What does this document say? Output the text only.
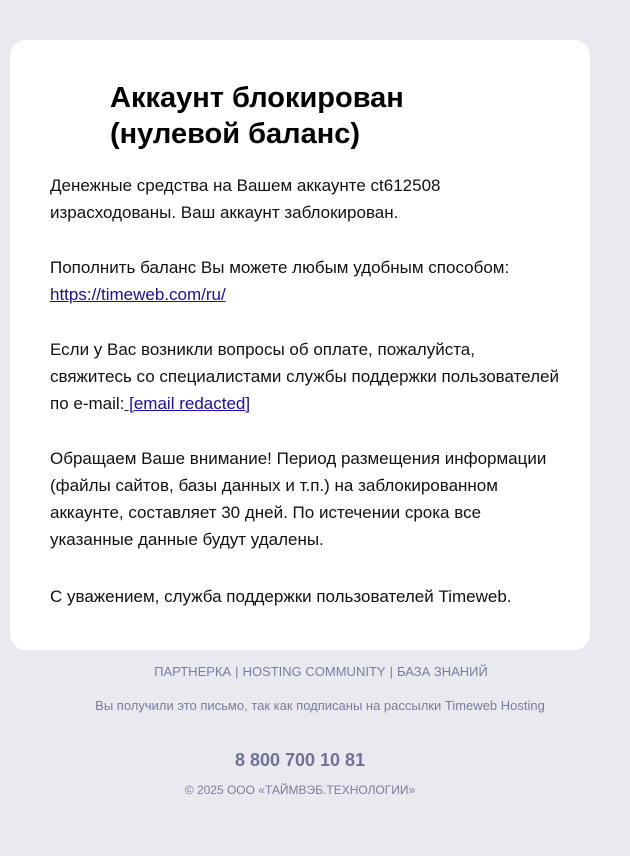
Аккаунт блокирован
(нулевой баланс)

Денежные средства на Вашем аккаунте ct612508 израсходованы. Ваш аккаунт заблокирован.

Пополнить баланс Вы можете любым удобным способом:
https://timeweb.com/ru/

Если у Вас возникли вопросы об оплате, пожалуйста, свяжитесь со специалистами службы поддержки пользователей по e-mail: [email redacted]

Обращаем Ваше внимание! Период размещения информации (файлы сайтов, базы данных и т.п.) на заблокированном аккаунте, составляет 30 дней. По истечении срока все указанные данные будут удалены.

С уважением, служба поддержки пользователей Timeweb.

ПАРТНЕРКА | HOSTING COMMUNITY | БАЗА ЗНАНИЙ
Вы получили это письмо, так как подписаны на рассылки Timeweb Hosting
8 800 700 10 81
© 2025 ООО «ТАЙМВЭБ.ТЕХНОЛОГИИ»
